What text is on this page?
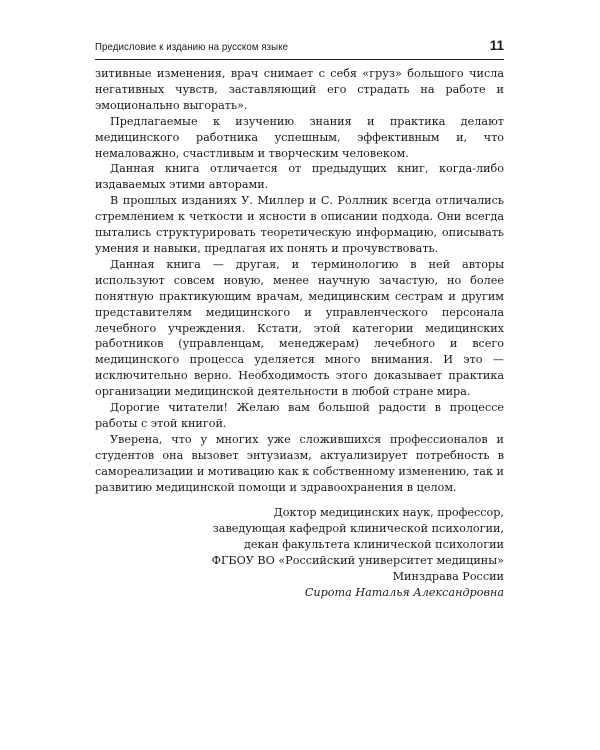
Предисловие к изданию на русском языке	11

зитивные изменения, врач снимает с себя «груз» большого числа негативных чувств, заставляющий его страдать на работе и эмоционально выгорать».

Предлагаемые к изучению знания и практика делают медицинского работника успешным, эффективным и, что немаловажно, счастливым и творческим человеком.

Данная книга отличается от предыдущих книг, когда-либо издаваемых этими авторами.

В прошлых изданиях У. Миллер и С. Роллник всегда отличались стремлением к четкости и ясности в описании подхода. Они всегда пытались структурировать теоретическую информацию, описывать умения и навыки, предлагая их понять и прочувствовать.

Данная книга — другая, и терминологию в ней авторы используют совсем новую, менее научную зачастую, но более понятную практикующим врачам, медицинским сестрам и другим представителям медицинского и управленческого персонала лечебного учреждения. Кстати, этой категории медицинских работников (управленцам, менеджерам) лечебного и всего медицинского процесса уделяется много внимания. И это — исключительно верно. Необходимость этого доказывает практика организации медицинской деятельности в любой стране мира.

Дорогие читатели! Желаю вам большой радости в процессе работы с этой книгой.

Уверена, что у многих уже сложившихся профессионалов и студентов она вызовет энтузиазм, актуализирует потребность в самореализации и мотивацию как к собственному изменению, так и развитию медицинской помощи и здравоохранения в целом.

Доктор медицинских наук, профессор,
заведующая кафедрой клинической психологии,
декан факультета клинической психологии
ФГБОУ ВО «Российский университет медицины»
Минздрава России
Сирота Наталья Александровна
